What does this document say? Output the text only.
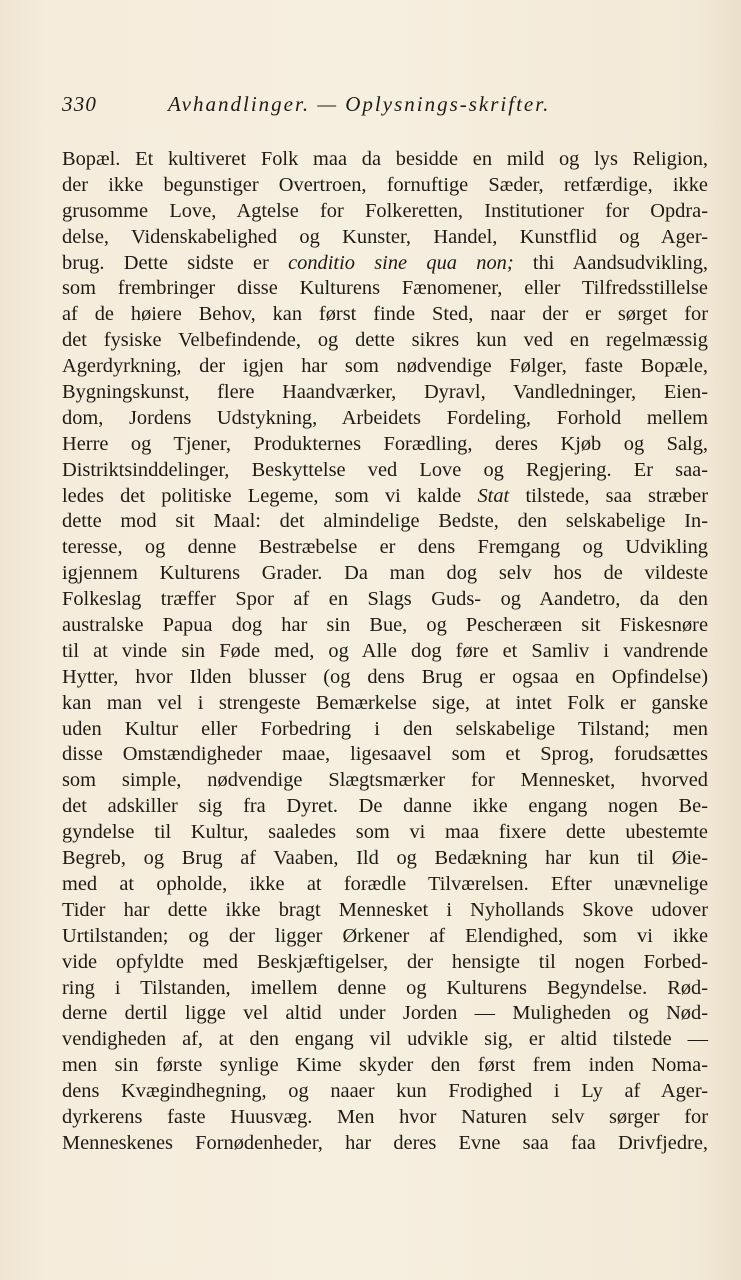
330	Avhandlinger. — Oplysnings-skrifter.
Bopæl. Et kultiveret Folk maa da besidde en mild og lys Religion,
der ikke begunstiger Overtroen, fornuftige Sæder, retfærdige, ikke
grusomme Love, Agtelse for Folkeretten, Institutioner for Opdra-
delse, Videnskabelighed og Kunster, Handel, Kunstflid og Ager-
brug. Dette sidste er conditio sine qua non; thi Aandsudvikling,
som frembringer disse Kulturens Fænomener, eller Tilfredsstillelse
af de høiere Behov, kan først finde Sted, naar der er sørget for
det fysiske Velbefindende, og dette sikres kun ved en regelmæssig
Agerdyrkning, der igjen har som nødvendige Følger, faste Bopæle,
Bygningskunst, flere Haandværker, Dyravl, Vandledninger, Eien-
dom, Jordens Udstykning, Arbeidets Fordeling, Forhold mellem
Herre og Tjener, Produkternes Forædling, deres Kjøb og Salg,
Distriktsinddelinger, Beskyttelse ved Love og Regjering. Er saa-
ledes det politiske Legeme, som vi kalde Stat tilstede, saa stræber
dette mod sit Maal: det almindelige Bedste, den selskabelige In-
teresse, og denne Bestræbelse er dens Fremgang og Udvikling
igjennem Kulturens Grader. Da man dog selv hos de vildeste
Folkeslag træffer Spor af en Slags Guds- og Aandetro, da den
australske Papua dog har sin Bue, og Pescheræen sit Fiskesnøre
til at vinde sin Føde med, og Alle dog føre et Samliv i vandrende
Hytter, hvor Ilden blusser (og dens Brug er ogsaa en Opfindelse)
kan man vel i strengeste Bemærkelse sige, at intet Folk er ganske
uden Kultur eller Forbedring i den selskabelige Tilstand; men
disse Omstændigheder maae, ligesaavel som et Sprog, forudsættes
som simple, nødvendige Slægtsmærker for Mennesket, hvorved
det adskiller sig fra Dyret. De danne ikke engang nogen Be-
gyndelse til Kultur, saaledes som vi maa fixere dette ubestemte
Begreb, og Brug af Vaaben, Ild og Bedækning har kun til Øie-
med at opholde, ikke at forædle Tilværelsen. Efter unævnelige
Tider har dette ikke bragt Mennesket i Nyhollands Skove udover
Urtilstanden; og der ligger Ørkener af Elendighed, som vi ikke
vide opfyldte med Beskjæftigelser, der hensigte til nogen Forbed-
ring i Tilstanden, imellem denne og Kulturens Begyndelse. Rød-
derne dertil ligge vel altid under Jorden — Muligheden og Nød-
vendigheden af, at den engang vil udvikle sig, er altid tilstede —
men sin første synlige Kime skyder den først frem inden Noma-
dens Kvægindhegning, og naaer kun Frodighed i Ly af Ager-
dyrkerens faste Huusvæg. Men hvor Naturen selv sørger for
Menneskenes Fornødenheder, har deres Evne saa faa Drivfjedre,
